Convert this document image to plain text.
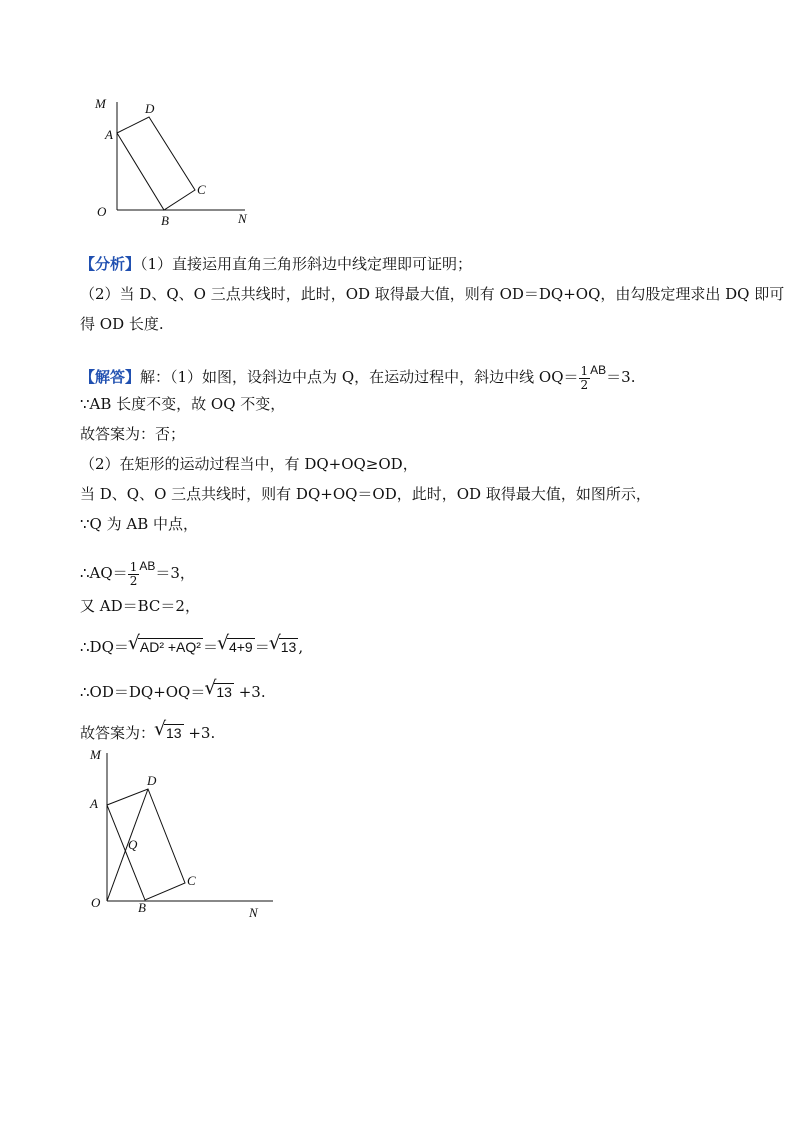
M	D
A
C
O
B	N
【分析】（1）直接运用直角三角形斜边中线定理即可证明；
（2）当 D、Q、O 三点共线时，此时，OD 取得最大值，则有 OD＝DQ+OQ，由勾股定理求出 DQ 即可
得 OD 长度.
【解答】解：（1）如图，设斜边中点为 Q，在运动过程中，斜边中线 $OQ= \frac{1}{2} ^{AB}=3$.
∵AB 长度不变，故 OQ 不变，
故答案为：否；
（2）在矩形的运动过程当中，有 DQ+OQ≥OD，
当 D、Q、O 三点共线时，则有 DQ+OQ＝OD，此时，OD 取得最大值，如图所示，
∵Q 为 AB 中点，
∴AQ＝ $\frac{1}{2} ^{AB}=3$，
又 AD＝BC＝2，
∴DQ＝ √ AD² +AQ² ＝ √ 4+9 ＝ √ 13 ,
∴OD＝DQ+OQ＝ √ 13 +3.
故答案为： √ 13 +3.
M
D
A
Q
C
O	B	N
